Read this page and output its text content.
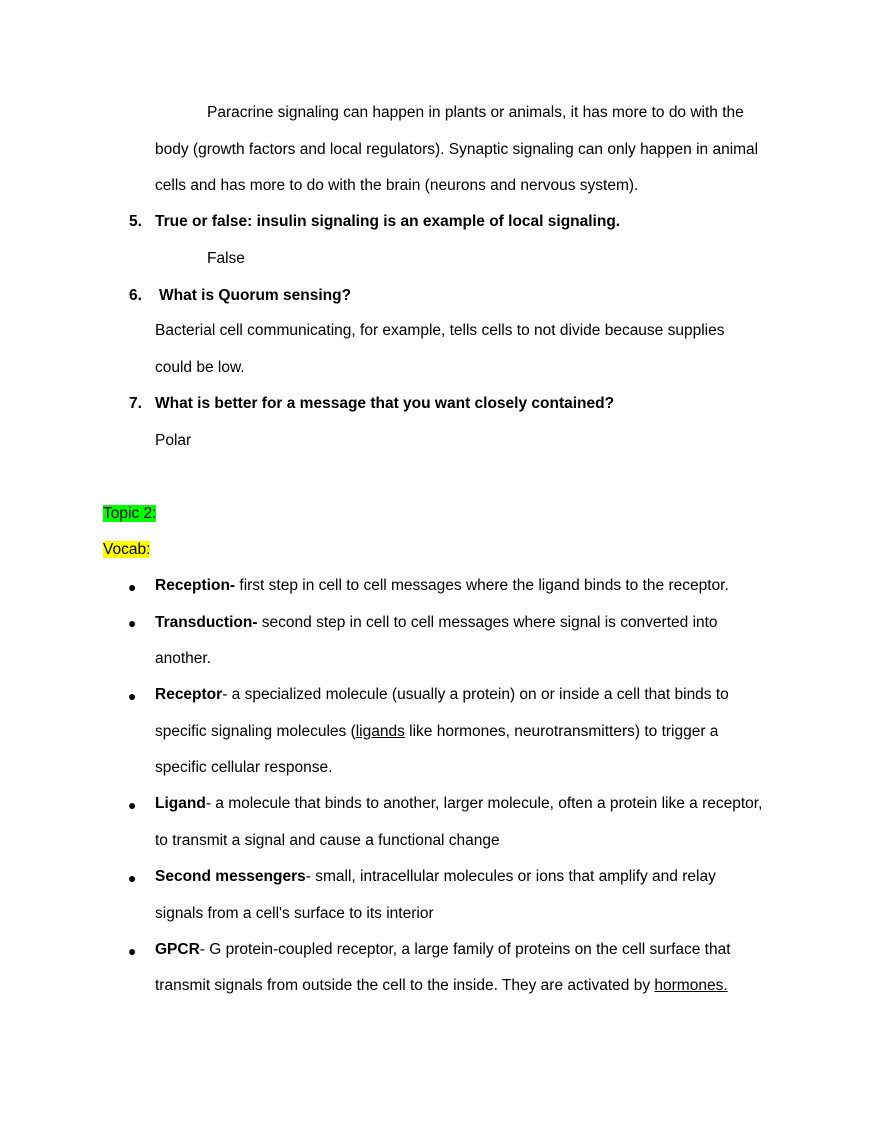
Paracrine signaling can happen in plants or animals, it has more to do with the
body (growth factors and local regulators). Synaptic signaling can only happen in animal
cells and has more to do with the brain (neurons and nervous system).
5. True or false: insulin signaling is an example of local signaling.
False
6. What is Quorum sensing?
Bacterial cell communicating, for example, tells cells to not divide because supplies
could be low.
7. What is better for a message that you want closely contained?
Polar
Topic 2:
Vocab:
● Reception- first step in cell to cell messages where the ligand binds to the receptor.
● Transduction- second step in cell to cell messages where signal is converted into
another.
● Receptor- a specialized molecule (usually a protein) on or inside a cell that binds to
specific signaling molecules (ligands like hormones, neurotransmitters) to trigger a
specific cellular response.
● Ligand- a molecule that binds to another, larger molecule, often a protein like a receptor,
to transmit a signal and cause a functional change
● Second messengers- small, intracellular molecules or ions that amplify and relay
signals from a cell's surface to its interior
● GPCR- G protein-coupled receptor, a large family of proteins on the cell surface that
transmit signals from outside the cell to the inside. They are activated by hormones.
